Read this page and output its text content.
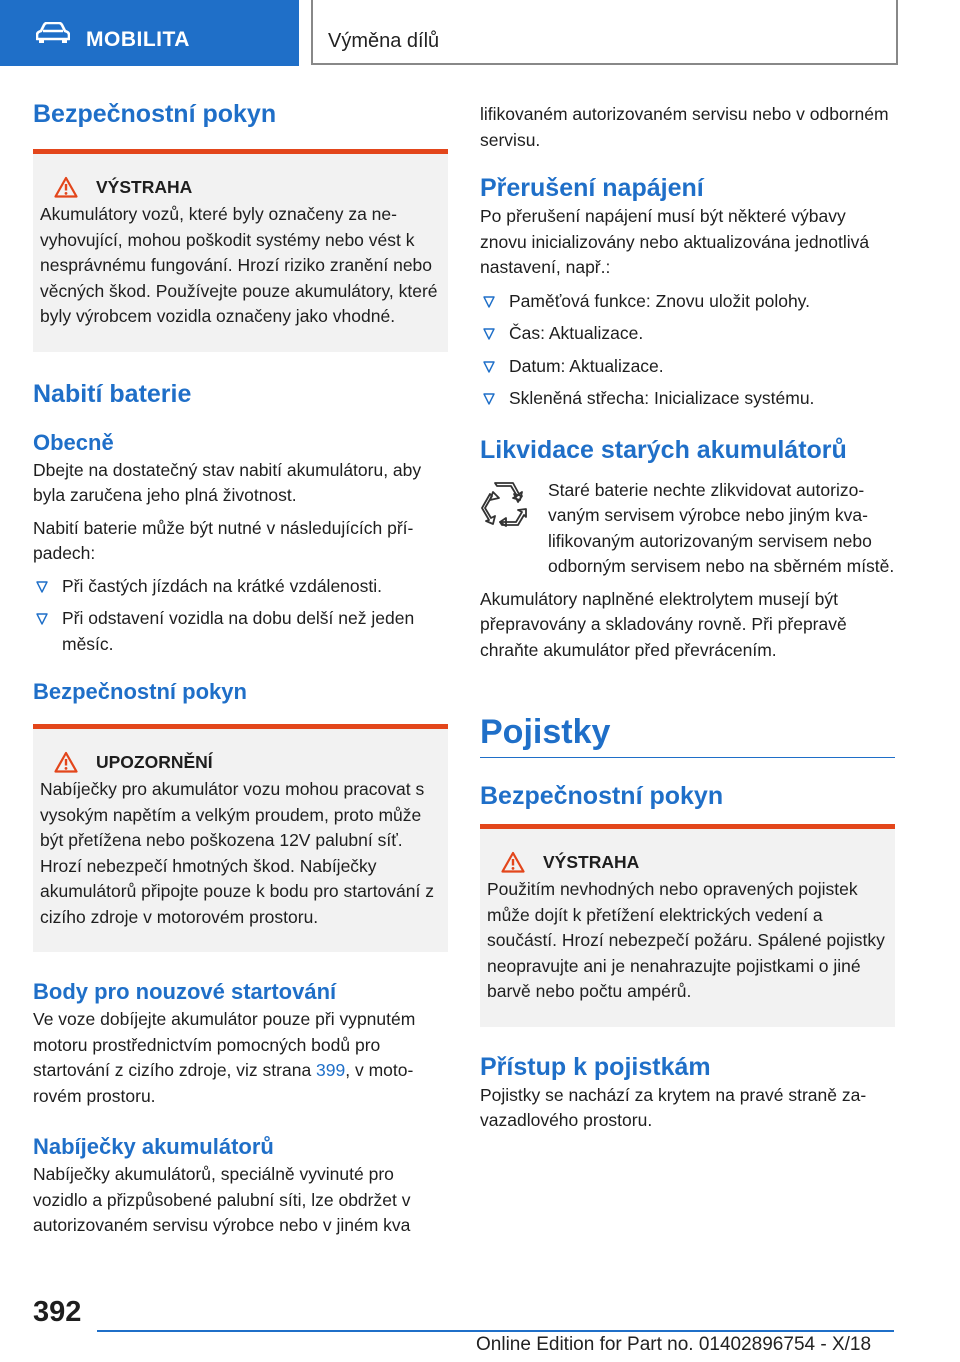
MOBILITA	Výměna dílů
Bezpečnostní pokyn
VÝSTRAHA

Akumulátory vozů, které byly označeny za nevyhovující, mohou poškodit systémy nebo vést k nesprávnému fungování. Hrozí riziko zranění nebo věcných škod. Používejte pouze akumulátory, které byly výrobcem vozidla označeny jako vhodné.

Nabití baterie
Obecně

Dbejte na dostatečný stav nabití akumulátoru, aby byla zaručena jeho plná životnost.

Nabití baterie může být nutné v následujících případech:

Při častých jízdách na krátké vzdálenosti.
Při odstavení vozidla na dobu delší než jeden měsíc.
Bezpečnostní pokyn
UPOZORNĚNÍ

Nabíječky pro akumulátor vozu mohou pracovat s vysokým napětím a velkým proudem, proto může být přetížena nebo poškozena 12V palubní síť. Hrozí nebezpečí hmotných škod. Nabíječky akumulátorů připojte pouze k bodu pro startování z cizího zdroje v motorovém prostoru.

Body pro nouzové startování

Ve voze dobíjejte akumulátor pouze při vypnutém motoru prostřednictvím pomocných bodů pro startování z cizího zdroje, viz strana 399, v motorovém prostoru.

Nabíječky akumulátorů

Nabíječky akumulátorů, speciálně vyvinuté pro vozidlo a přizpůsobené palubní síti, lze obdržet v autorizovaném servisu výrobce nebo v jiném kva

lifikovaném autorizovaném servisu nebo v odborném servisu.

Přerušení napájení

Po přerušení napájení musí být některé výbavy znovu inicializovány nebo aktualizována jednotlivá nastavení, např.:

Paměťová funkce: Znovu uložit polohy.
Čas: Aktualizace.
Datum: Aktualizace.
Skleněná střecha: Inicializace systému.
Likvidace starých akumulátorů

Staré baterie nechte zlikvidovat autorizovaným servisem výrobce nebo jiným kvalifikovaným autorizovaným servisem nebo odborným servisem nebo na sběrném místě.

Akumulátory naplněné elektrolytem musejí být přepravovány a skladovány rovně. Při přepravě chraňte akumulátor před převrácením.

Pojistky
Bezpečnostní pokyn
VÝSTRAHA

Použitím nevhodných nebo opravených pojistek může dojít k přetížení elektrických vedení a součástí. Hrozí nebezpečí požáru. Spálené pojistky neopravujte ani je nenahrazujte pojistkami o jiné barvě nebo počtu ampérů.

Přístup k pojistkám

Pojistky se nachází za krytem na pravé straně zavazadlového prostoru.

392
Online Edition for Part no. 01402896754 - X/18
